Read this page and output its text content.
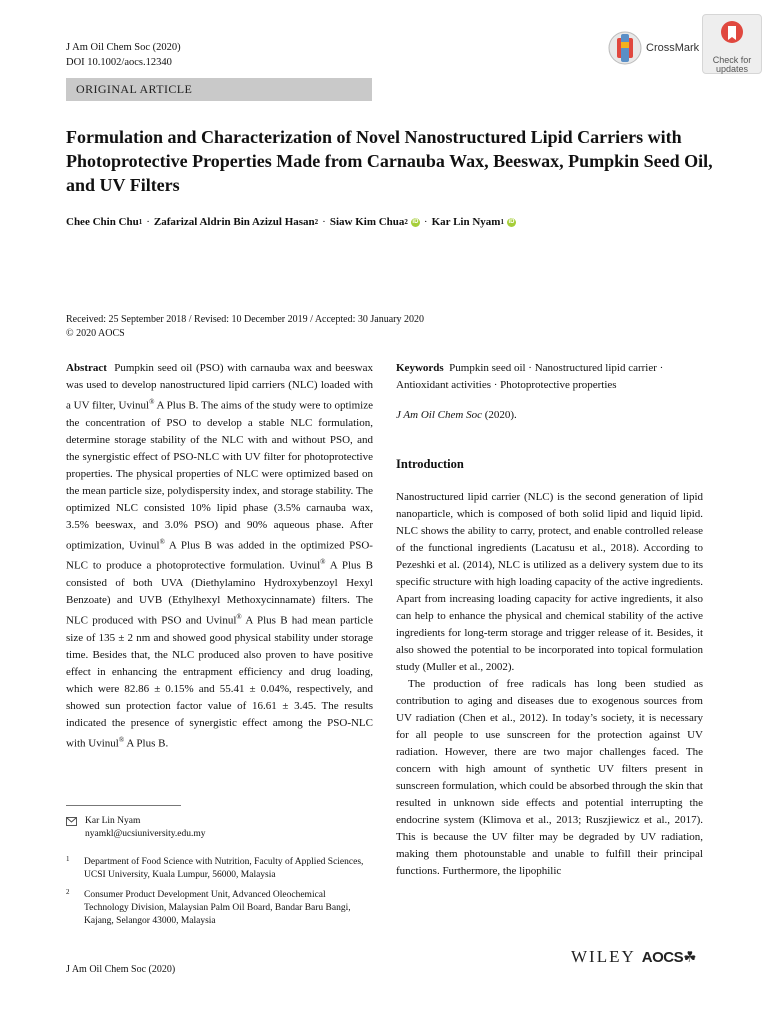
J Am Oil Chem Soc (2020)
DOI 10.1002/aocs.12340
CrossMark
Check for
updates
ORIGINAL ARTICLE
Formulation and Characterization of Novel Nanostructured Lipid Carriers with Photoprotective Properties Made from Carnauba Wax, Beeswax, Pumpkin Seed Oil, and UV Filters
Chee Chin Chu 1 · Zafarizal Aldrin Bin Azizul Hasan 2 · Siaw Kim Chua 2 iD · Kar Lin Nyam 1 iD
Received: 25 September 2018 / Revised: 10 December 2019 / Accepted: 30 January 2020
© 2020 AOCS

Abstract Pumpkin seed oil (PSO) with carnauba wax and beeswax was used to develop nanostructured lipid carriers (NLC) loaded with a UV filter, Uvinul® A Plus B. The aims of the study were to optimize the concentration of PSO to develop a stable NLC formulation, determine storage stability of the NLC with and without PSO, and the synergistic effect of PSO-NLC with UV filter for photoprotective properties. The physical properties of NLC were optimized based on the mean particle size, polydispersity index, and storage stability. The optimized NLC consisted 10% lipid phase (3.5% carnauba wax, 3.5% beeswax, and 3.0% PSO) and 90% aqueous phase. After optimization, Uvinul® A Plus B was added in the optimized PSO-NLC to produce a photoprotective formulation. Uvinul® A Plus B consisted of both UVA (Diethylamino Hydroxybenzoyl Hexyl Benzoate) and UVB (Ethylhexyl Methoxycinnamate) filters. The NLC produced with PSO and Uvinul® A Plus B had mean particle size of 135 ± 2 nm and showed good physical stability under storage time. Besides that, the NLC produced also proven to have positive effect in enhancing the entrapment efficiency and drug loading, which were 82.86 ± 0.15% and 55.41 ± 0.04%, respectively, and showed sun protection factor value of 16.61 ± 3.45. The results indicated the presence of synergistic effect among the PSO-NLC with Uvinul® A Plus B.

Keywords Pumpkin seed oil · Nanostructured lipid carrier · Antioxidant activities · Photoprotective properties

J Am Oil Chem Soc (2020).
Introduction

Nanostructured lipid carrier (NLC) is the second generation of lipid nanoparticle, which is composed of both solid lipid and liquid lipid. NLC shows the ability to carry, protect, and enable controlled release of the functional ingredients (Lacatusu et al., 2018). According to Pezeshki et al. (2014), NLC is utilized as a delivery system due to its specific structure with high loading capacity of the active ingredients. Apart from increasing loading capacity for active ingredients, it also can help to enhance the physical and chemical stability of the active ingredients for long-term storage and trigger release of it. Besides, it also showed the potential to be incorporated into topical formulation study (Muller et al., 2002).

The production of free radicals has long been studied as contribution to aging and diseases due to exogenous sources from UV radiation (Chen et al., 2012). In today’s society, it is necessary for all people to use sunscreen for the protection against UV radiation. However, there are two major challenges faced. The concern with high amount of synthetic UV filters present in sunscreen formulation, which could be absorbed through the skin that resulted in unknown side effects and potential interrupting the endocrine system (Klimova et al., 2013; Ruszjiewicz et al., 2017). This is because the UV filter may be degraded by UV radiation, making them photounstable and unable to fulfill their principal functions. Furthermore, the lipophilic

Kar Lin Nyam
nyamkl@ucsiuniversity.edu.my
1 Department of Food Science with Nutrition, Faculty of Applied Sciences, UCSI University, Kuala Lumpur, 56000, Malaysia
2 Consumer Product Development Unit, Advanced Oleochemical Technology Division, Malaysian Palm Oil Board, Bandar Baru Bangi, Kajang, Selangor 43000, Malaysia
J Am Oil Chem Soc (2020)
WILEY AOCS☘
